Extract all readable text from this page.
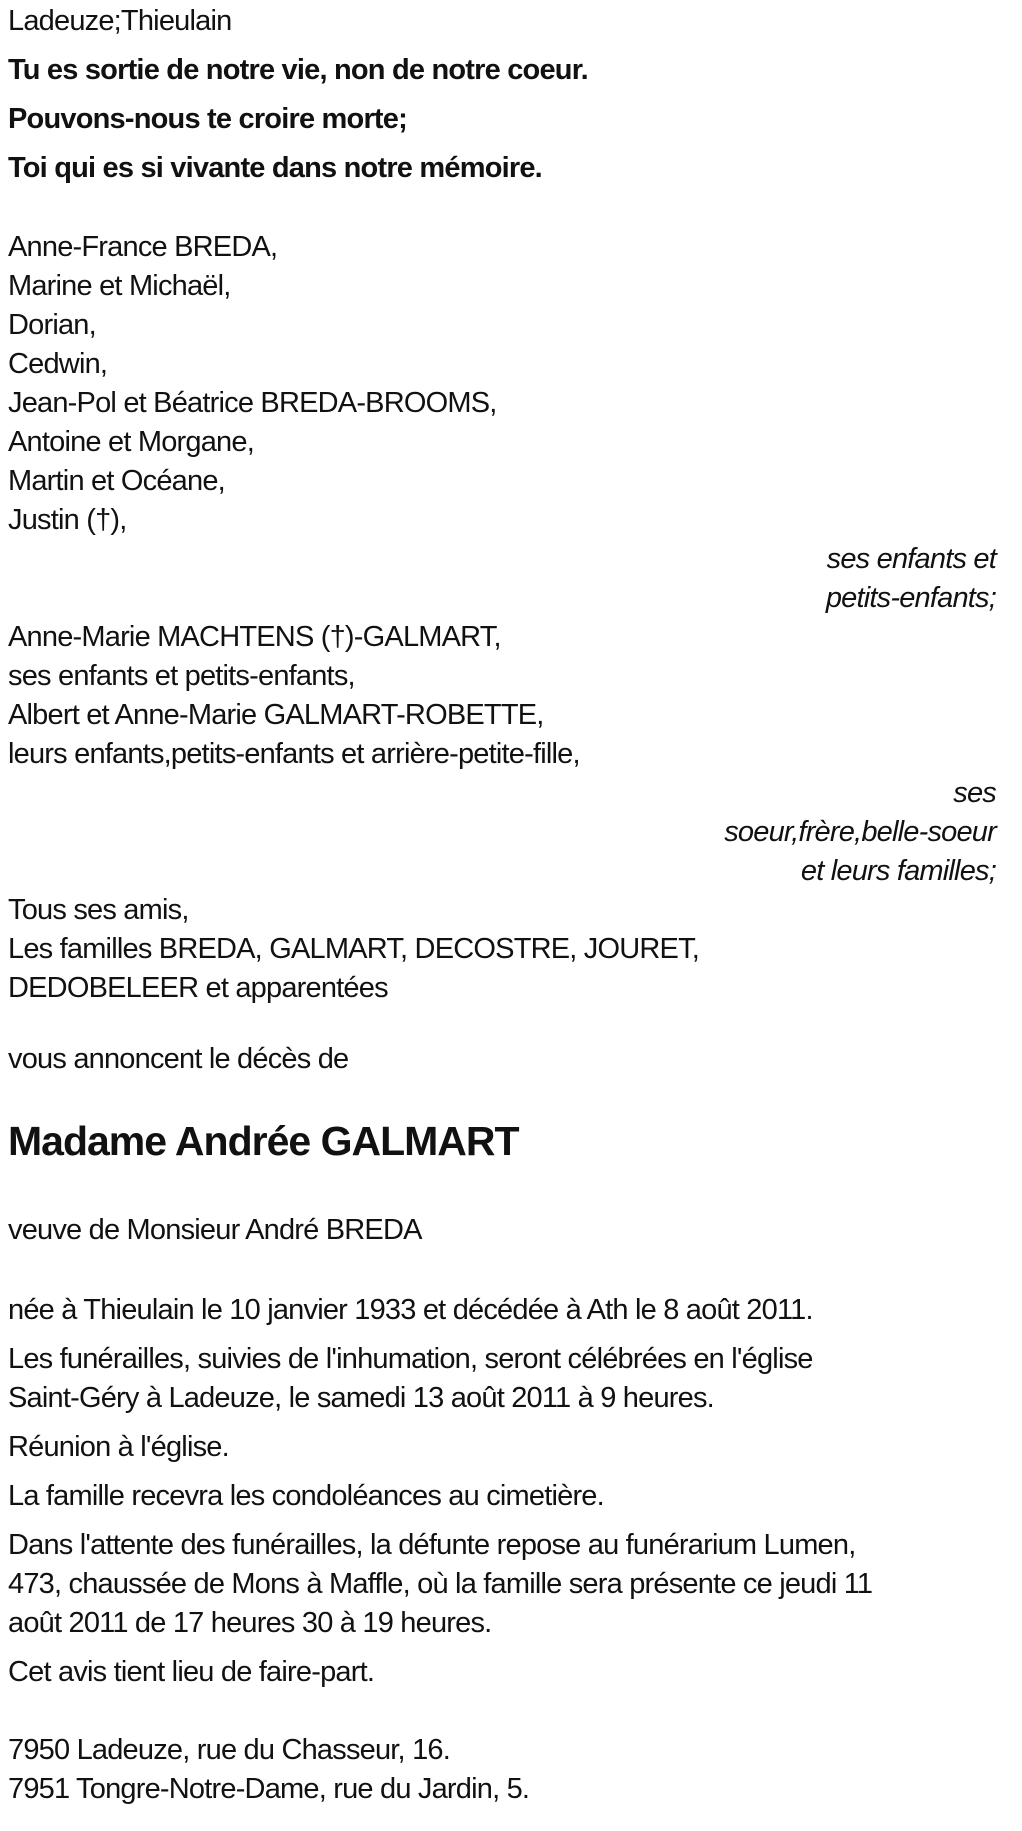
Ladeuze;Thieulain
Tu es sortie de notre vie, non de notre coeur.
Pouvons-nous te croire morte;
Toi qui es si vivante dans notre mémoire.
Anne-France BREDA,
Marine et Michaël,
Dorian,
Cedwin,
Jean-Pol et Béatrice BREDA-BROOMS,
Antoine et Morgane,
Martin et Océane,
Justin (†),
ses enfants et
petits-enfants;
Anne-Marie MACHTENS (†)-GALMART,
ses enfants et petits-enfants,
Albert et Anne-Marie GALMART-ROBETTE,
leurs enfants,petits-enfants et arrière-petite-fille,
ses
soeur,frère,belle-soeur
et leurs familles;
Tous ses amis,
Les familles BREDA, GALMART, DECOSTRE, JOURET,
DEDOBELEER et apparentées
vous annoncent le décès de
Madame Andrée GALMART
veuve de Monsieur André BREDA
née à Thieulain le 10 janvier 1933 et décédée à Ath le 8 août 2011.
Les funérailles, suivies de l'inhumation, seront célébrées en l'église
Saint-Géry à Ladeuze, le samedi 13 août 2011 à 9 heures.
Réunion à l'église.
La famille recevra les condoléances au cimetière.
Dans l'attente des funérailles, la défunte repose au funérarium Lumen,
473, chaussée de Mons à Maffle, où la famille sera présente ce jeudi 11
août 2011 de 17 heures 30 à 19 heures.
Cet avis tient lieu de faire-part.
7950 Ladeuze, rue du Chasseur, 16.
7951 Tongre-Notre-Dame, rue du Jardin, 5.
